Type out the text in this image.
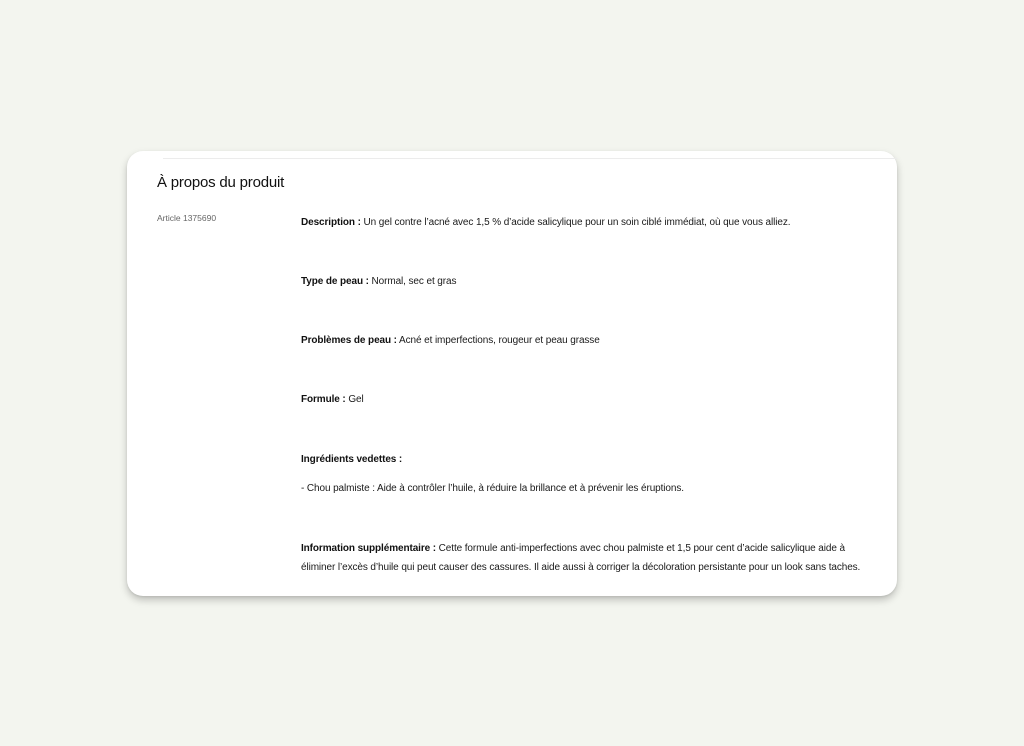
À propos du produit
Article 1375690	Description : Un gel contre l’acné avec 1,5 % d’acide salicylique pour un soin ciblé immédiat, où que vous alliez.

Type de peau : Normal, sec et gras

Problèmes de peau : Acné et imperfections, rougeur et peau grasse

Formule : Gel

Ingrédients vedettes :

- Chou palmiste : Aide à contrôler l’huile, à réduire la brillance et à prévenir les éruptions.

Information supplémentaire : Cette formule anti-imperfections avec chou palmiste et 1,5 pour cent d’acide salicylique aide à éliminer l’excès d’huile qui peut causer des cassures. Il aide aussi à corriger la décoloration persistante pour un look sans taches.
